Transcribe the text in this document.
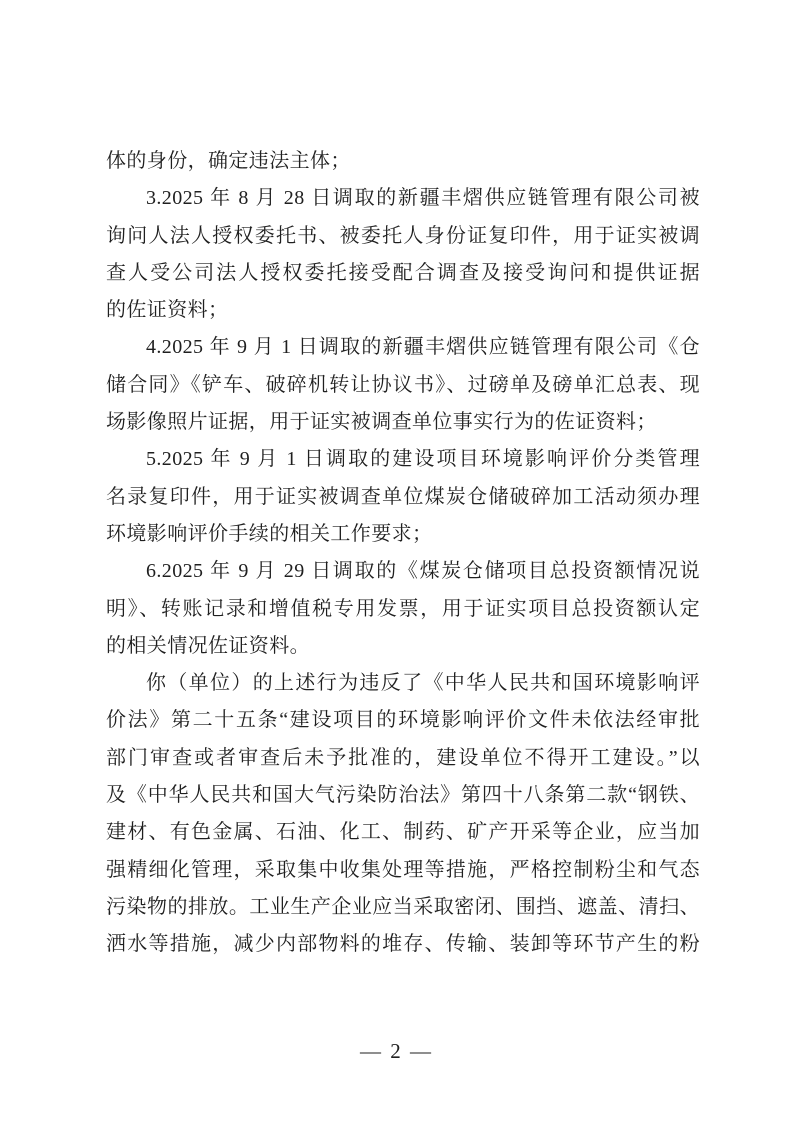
体的身份，确定违法主体；
3.2025 年 8 月 28 日调取的新疆丰熠供应链管理有限公司被
询问人法人授权委托书、被委托人身份证复印件，用于证实被调
查人受公司法人授权委托接受配合调查及接受询问和提供证据
的佐证资料；
4.2025 年 9 月 1 日调取的新疆丰熠供应链管理有限公司《仓
储合同》《铲车、破碎机转让协议书》、过磅单及磅单汇总表、现
场影像照片证据，用于证实被调查单位事实行为的佐证资料；
5.2025 年 9 月 1 日调取的建设项目环境影响评价分类管理
名录复印件，用于证实被调查单位煤炭仓储破碎加工活动须办理
环境影响评价手续的相关工作要求；
6.2025 年 9 月 29 日调取的《煤炭仓储项目总投资额情况说
明》、转账记录和增值税专用发票，用于证实项目总投资额认定
的相关情况佐证资料。
你（单位）的上述行为违反了《中华人民共和国环境影响评
价法》第二十五条“建设项目的环境影响评价文件未依法经审批
部门审查或者审查后未予批准的，建设单位不得开工建设。”以
及《中华人民共和国大气污染防治法》第四十八条第二款“钢铁、
建材、有色金属、石油、化工、制药、矿产开采等企业，应当加
强精细化管理，采取集中收集处理等措施，严格控制粉尘和气态
污染物的排放。工业生产企业应当采取密闭、围挡、遮盖、清扫、
洒水等措施，减少内部物料的堆存、传输、装卸等环节产生的粉
— 2 —
